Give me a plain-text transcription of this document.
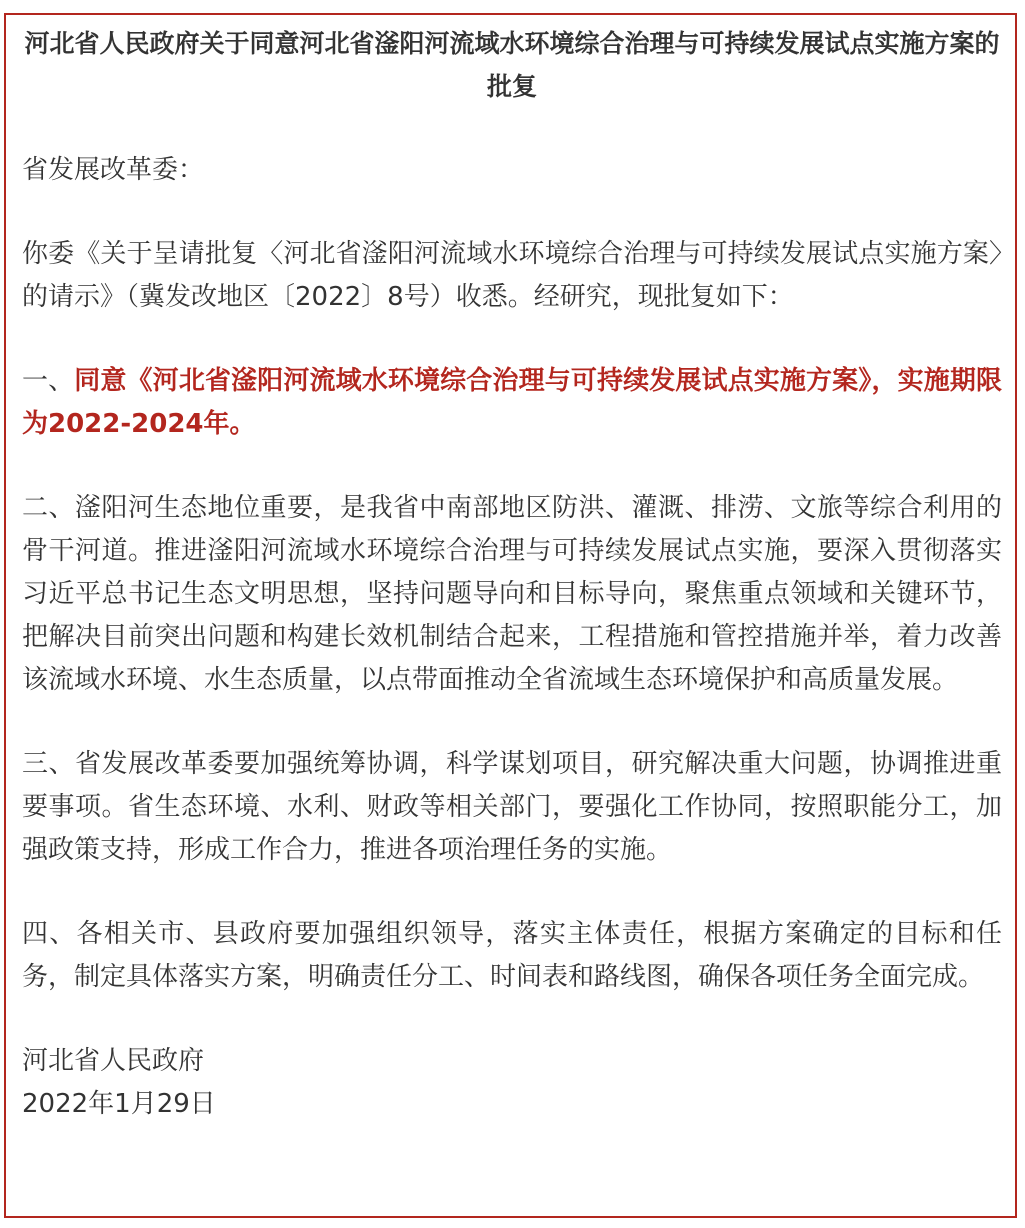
河北省人民政府关于同意河北省滏阳河流域水环境综合治理与可持续发展试点实施方案的批复

省发展改革委：

你委《关于呈请批复〈河北省滏阳河流域水环境综合治理与可持续发展试点实施方案〉的请示》（冀发改地区〔2022〕8号）收悉。经研究，现批复如下：

一、同意《河北省滏阳河流域水环境综合治理与可持续发展试点实施方案》，实施期限为2022-2024年。

二、滏阳河生态地位重要，是我省中南部地区防洪、灌溉、排涝、文旅等综合利用的骨干河道。推进滏阳河流域水环境综合治理与可持续发展试点实施，要深入贯彻落实习近平总书记生态文明思想，坚持问题导向和目标导向，聚焦重点领域和关键环节，把解决目前突出问题和构建长效机制结合起来，工程措施和管控措施并举，着力改善该流域水环境、水生态质量，以点带面推动全省流域生态环境保护和高质量发展。

三、省发展改革委要加强统筹协调，科学谋划项目，研究解决重大问题，协调推进重要事项。省生态环境、水利、财政等相关部门，要强化工作协同，按照职能分工，加强政策支持，形成工作合力，推进各项治理任务的实施。

四、各相关市、县政府要加强组织领导，落实主体责任，根据方案确定的目标和任务，制定具体落实方案，明确责任分工、时间表和路线图，确保各项任务全面完成。

河北省人民政府

2022年1月29日
